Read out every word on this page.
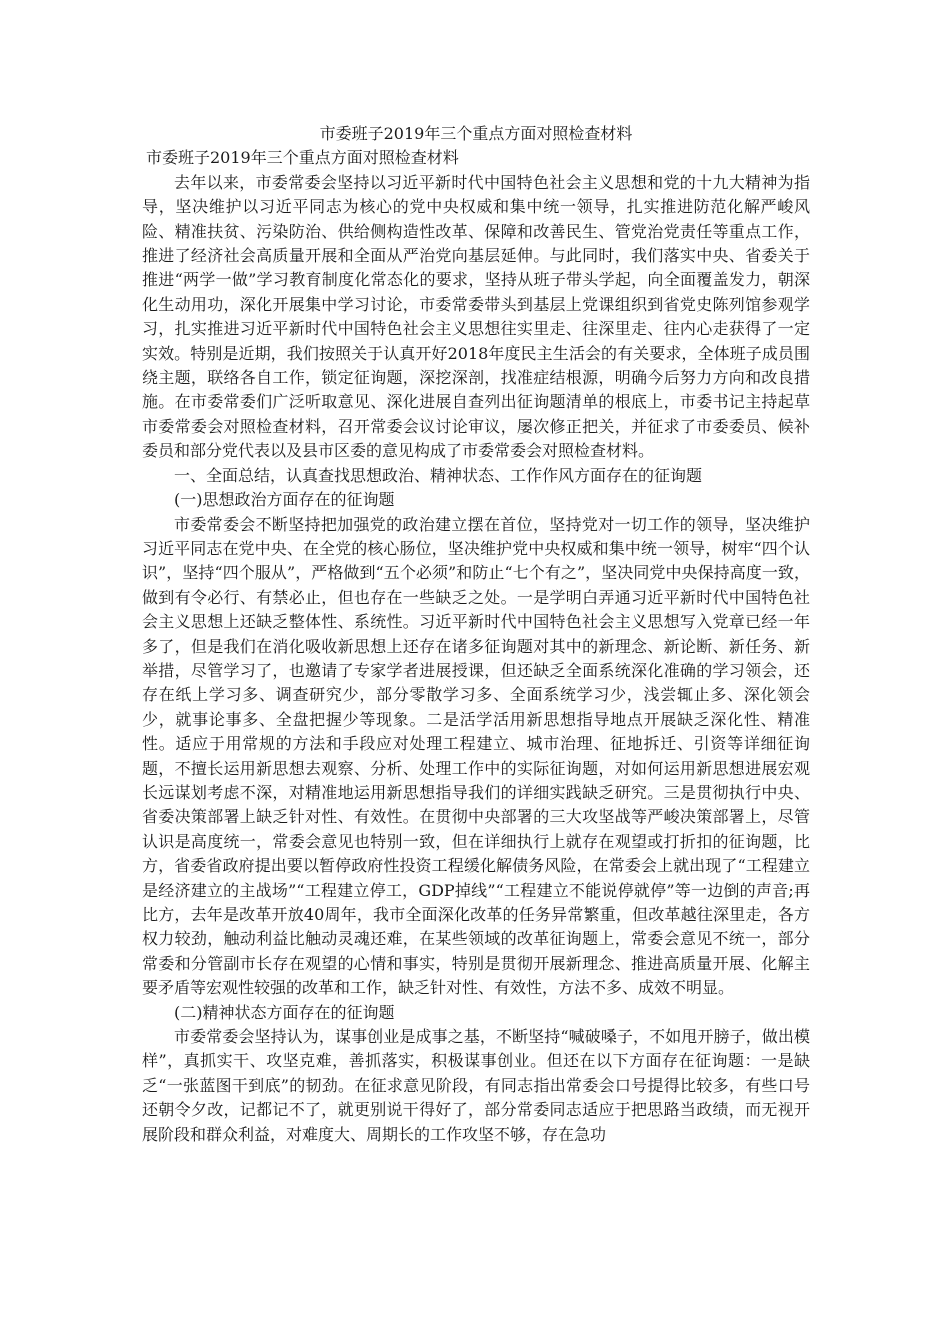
市委班子2019年三个重点方面对照检查材料

市委班子2019年三个重点方面对照检查材料

去年以来，市委常委会坚持以习近平新时代中国特色社会主义思想和党的十九大精神为指导，坚决维护以习近平同志为核心的党中央权威和集中统一领导，扎实推进防范化解严峻风险、精准扶贫、污染防治、供给侧构造性改革、保障和改善民生、管党治党责任等重点工作，推进了经济社会高质量开展和全面从严治党向基层延伸。与此同时，我们落实中央、省委关于推进“两学一做”学习教育制度化常态化的要求，坚持从班子带头学起，向全面覆盖发力，朝深化生动用功，深化开展集中学习讨论，市委常委带头到基层上党课组织到省党史陈列馆参观学习，扎实推进习近平新时代中国特色社会主义思想往实里走、往深里走、往内心走获得了一定实效。特别是近期，我们按照关于认真开好2018年度民主生活会的有关要求，全体班子成员围绕主题，联络各自工作，锁定征询题，深挖深剖，找准症结根源，明确今后努力方向和改良措施。在市委常委们广泛听取意见、深化进展自查列出征询题清单的根底上，市委书记主持起草市委常委会对照检查材料，召开常委会议讨论审议，屡次修正把关，并征求了市委委员、候补委员和部分党代表以及县市区委的意见构成了市委常委会对照检查材料。

一、全面总结，认真查找思想政治、精神状态、工作作风方面存在的征询题

(一)思想政治方面存在的征询题

市委常委会不断坚持把加强党的政治建立摆在首位，坚持党对一切工作的领导，坚决维护习近平同志在党中央、在全党的核心肠位，坚决维护党中央权威和集中统一领导，树牢“四个认识”，坚持“四个服从”，严格做到“五个必须”和防止“七个有之”，坚决同党中央保持高度一致，做到有令必行、有禁必止，但也存在一些缺乏之处。一是学明白弄通习近平新时代中国特色社会主义思想上还缺乏整体性、系统性。习近平新时代中国特色社会主义思想写入党章已经一年多了，但是我们在消化吸收新思想上还存在诸多征询题对其中的新理念、新论断、新任务、新举措，尽管学习了，也邀请了专家学者进展授课，但还缺乏全面系统深化准确的学习领会，还存在纸上学习多、调查研究少，部分零散学习多、全面系统学习少，浅尝辄止多、深化领会少，就事论事多、全盘把握少等现象。二是活学活用新思想指导地点开展缺乏深化性、精准性。适应于用常规的方法和手段应对处理工程建立、城市治理、征地拆迁、引资等详细征询题，不擅长运用新思想去观察、分析、处理工作中的实际征询题，对如何运用新思想进展宏观长远谋划考虑不深，对精准地运用新思想指导我们的详细实践缺乏研究。三是贯彻执行中央、省委决策部署上缺乏针对性、有效性。在贯彻中央部署的三大攻坚战等严峻决策部署上，尽管认识是高度统一，常委会意见也特别一致，但在详细执行上就存在观望或打折扣的征询题，比方，省委省政府提出要以暂停政府性投资工程缓化解债务风险，在常委会上就出现了“工程建立是经济建立的主战场”“工程建立停工，GDP掉线”“工程建立不能说停就停”等一边倒的声音;再比方，去年是改革开放40周年，我市全面深化改革的任务异常繁重，但改革越往深里走，各方权力较劲，触动利益比触动灵魂还难，在某些领域的改革征询题上，常委会意见不统一，部分常委和分管副市长存在观望的心情和事实，特别是贯彻开展新理念、推进高质量开展、化解主要矛盾等宏观性较强的改革和工作，缺乏针对性、有效性，方法不多、成效不明显。

(二)精神状态方面存在的征询题

市委常委会坚持认为，谋事创业是成事之基，不断坚持“喊破嗓子，不如甩开膀子，做出模样”，真抓实干、攻坚克难，善抓落实，积极谋事创业。但还在以下方面存在征询题：一是缺乏“一张蓝图干到底”的韧劲。在征求意见阶段，有同志指出常委会口号提得比较多，有些口号还朝令夕改，记都记不了，就更别说干得好了，部分常委同志适应于把思路当政绩，而无视开展阶段和群众利益，对难度大、周期长的工作攻坚不够，存在急功
